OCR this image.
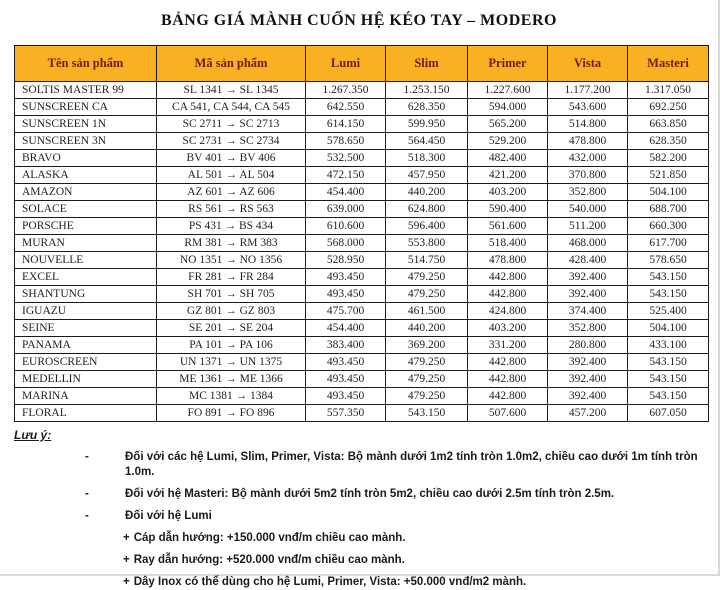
BẢNG GIÁ MÀNH CUỐN HỆ KÉO TAY – MODERO
Tên sản phẩm	Mã sản phẩm	Lumi	Slim	Primer	Vista	Masteri
SOLTIS MASTER 99	SL 1341 → SL 1345	1.267.350	1.253.150	1.227.600	1.177.200	1.317.050
SUNSCREEN CA	CA 541, CA 544, CA 545	642.550	628.350	594.000	543.600	692.250
SUNSCREEN 1N	SC 2711 → SC 2713	614.150	599.950	565.200	514.800	663.850
SUNSCREEN 3N	SC 2731 → SC 2734	578.650	564.450	529.200	478.800	628.350
BRAVO	BV 401 → BV 406	532.500	518.300	482.400	432.000	582.200
ALASKA	AL 501 → AL 504	472.150	457.950	421.200	370.800	521.850
AMAZON	AZ 601 → AZ 606	454.400	440.200	403.200	352.800	504.100
SOLACE	RS 561 → RS 563	639.000	624.800	590.400	540.000	688.700
PORSCHE	PS 431 → BS 434	610.600	596.400	561.600	511.200	660.300
MURAN	RM 381 → RM 383	568.000	553.800	518.400	468.000	617.700
NOUVELLE	NO 1351 → NO 1356	528.950	514.750	478.800	428.400	578.650
EXCEL	FR 281 → FR 284	493.450	479.250	442.800	392.400	543.150
SHANTUNG	SH 701 → SH 705	493.450	479.250	442.800	392.400	543.150
IGUAZU	GZ 801 → GZ 803	475.700	461.500	424.800	374.400	525.400
SEINE	SE 201 → SE 204	454.400	440.200	403.200	352.800	504.100
PANAMA	PA 101 → PA 106	383.400	369.200	331.200	280.800	433.100
EUROSCREEN	UN 1371 → UN 1375	493.450	479.250	442.800	392.400	543.150
MEDELLIN	ME 1361 → ME 1366	493.450	479.250	442.800	392.400	543.150
MARINA	MC 1381 → 1384	493.450	479.250	442.800	392.400	543.150
FLORAL	FO 891 → FO 896	557.350	543.150	507.600	457.200	607.050
Lưu ý:
-	Đối với các hệ Lumi, Slim, Primer, Vista: Bộ mành dưới 1m2 tính tròn 1.0m2, chiều cao dưới 1m tính tròn 1.0m.
-	Đối với hệ Masteri: Bộ mành dưới 5m2 tính tròn 5m2, chiều cao dưới 2.5m tính tròn 2.5m.
-	Đối với hệ Lumi
+ Cáp dẫn hướng: +150.000 vnđ/m chiều cao mành.
+ Ray dẫn hướng: +520.000 vnđ/m chiều cao mành.
+ Dây Inox có thể dùng cho hệ Lumi, Primer, Vista: +50.000 vnđ/m2 mành.
